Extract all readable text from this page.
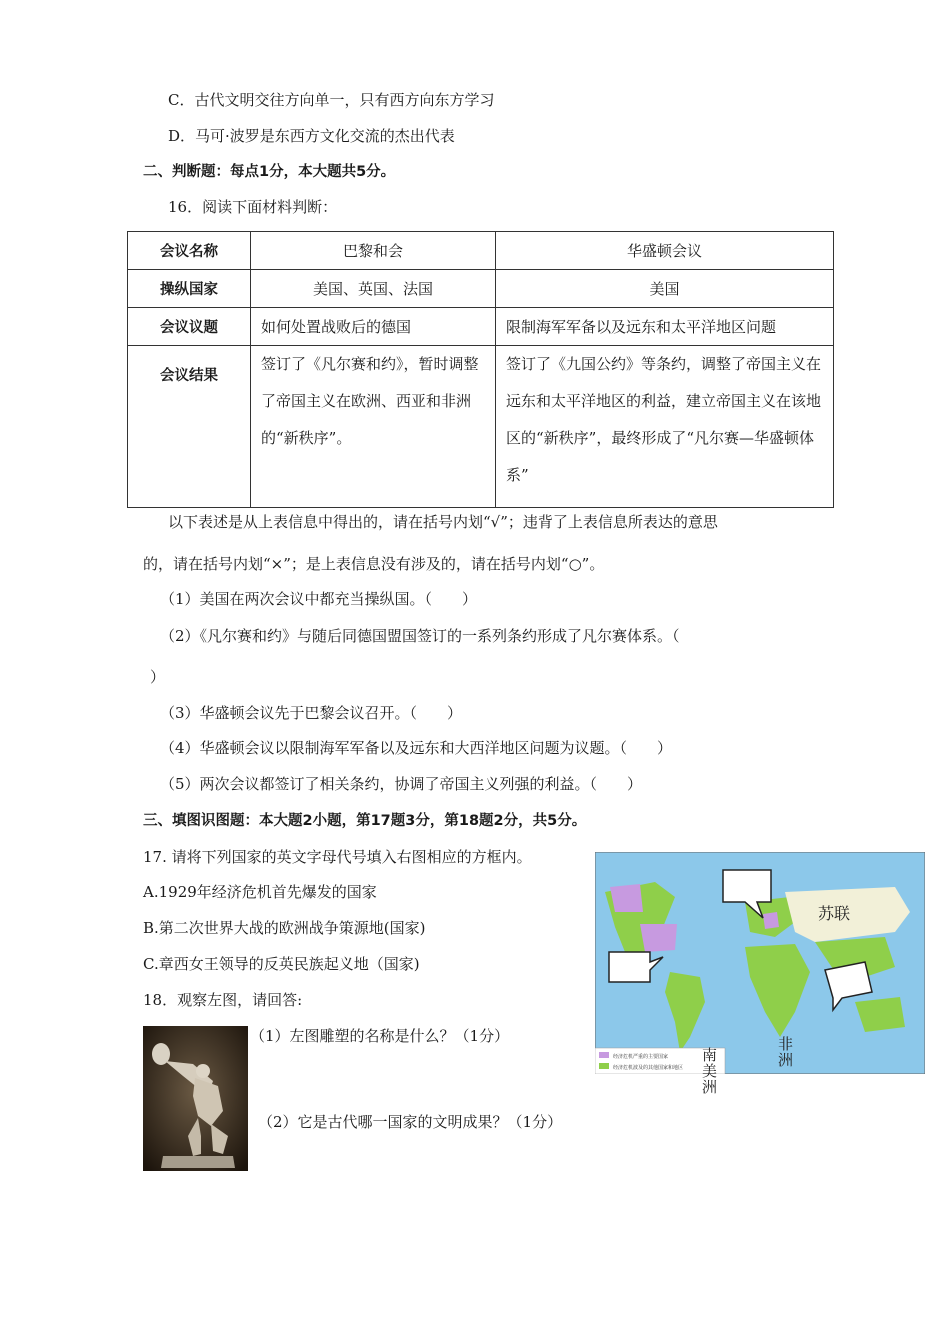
C．古代文明交往方向单一，只有西方向东方学习
D．马可·波罗是东西方文化交流的杰出代表
二、判断题：每点1分，本大题共5分。
16．阅读下面材料判断：
会议名称	巴黎和会	华盛顿会议
操纵国家	美国、英国、法国	美国
会议议题	如何处置战败后的德国	限制海军军备以及远东和太平洋地区问题
会议结果	签订了《凡尔赛和约》，暂时调整了帝国主义在欧洲、西亚和非洲的“新秩序”。	签订了《九国公约》等条约，调整了帝国主义在远东和太平洋地区的利益，建立帝国主义在该地区的“新秩序”，最终形成了“凡尔赛—华盛顿体系”
以下表述是从上表信息中得出的，请在括号内划“√”；违背了上表信息所表达的意思
的，请在括号内划“×”；是上表信息没有涉及的，请在括号内划“○”。
（1）美国在两次会议中都充当操纵国。（　　）
（2）《凡尔赛和约》与随后同德国盟国签订的一系列条约形成了凡尔赛体系。（
）
（3）华盛顿会议先于巴黎会议召开。（　　）
（4）华盛顿会议以限制海军军备以及远东和大西洋地区问题为议题。（　　）
（5）两次会议都签订了相关条约，协调了帝国主义列强的利益。（　　）
三、填图识图题：本大题2小题，第17题3分，第18题2分，共5分。
17. 请将下列国家的英文字母代号填入右图相应的方框内。
A.1929年经济危机首先爆发的国家
B.第二次世界大战的欧洲战争策源地(国家)
C.章西女王领导的反英民族起义地（国家)
18．观察左图，请回答:
经济危机严重的主要国家
经济危机波及的其他国家和地区
苏联
南美洲
非洲
（1）左图雕塑的名称是什么？（1分）
（2）它是古代哪一国家的文明成果？（1分）
